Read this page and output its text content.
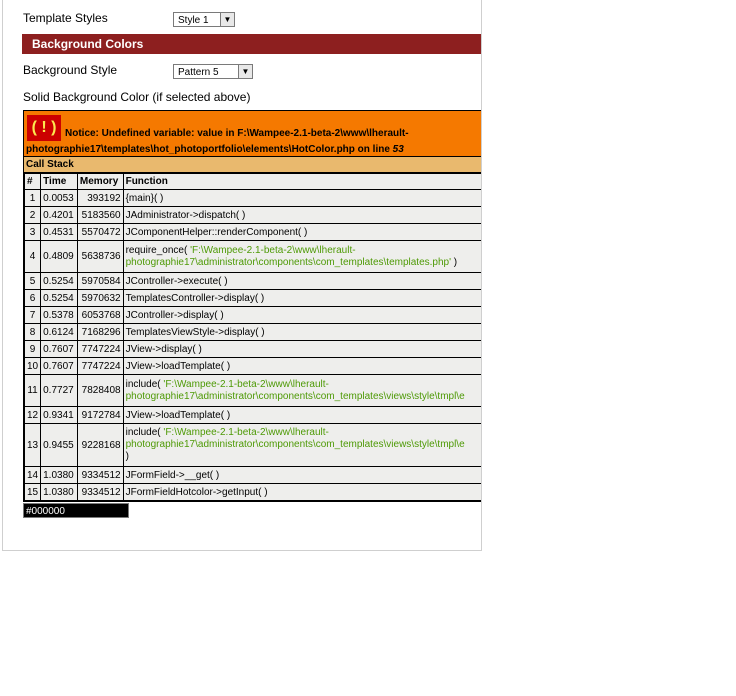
Template Styles	Style 1	▼
Background Colors
Background Style	Pattern 5	▼
Solid Background Color (if selected above)
( ! ) Notice: Undefined variable: value in F:\Wampee-2.1-beta-2\www\lherault-
photographie17\templates\hot_photoportfolio\elements\HotColor.php on line 53
Call Stack
#	Time	Memory	Function
1	0.0053	393192	{main}( )
2	0.4201	5183560	JAdministrator->dispatch( )
3	0.4531	5570472	JComponentHelper::renderComponent( )
4	0.4809	5638736	require_once( 'F:\Wampee-2.1-beta-2\www\lherault-
photographie17\administrator\components\com_templates\templates.php' )
5	0.5254	5970584	JController->execute( )
6	0.5254	5970632	TemplatesController->display( )
7	0.5378	6053768	JController->display( )
8	0.6124	7168296	TemplatesViewStyle->display( )
9	0.7607	7747224	JView->display( )
10	0.7607	7747224	JView->loadTemplate( )
11	0.7727	7828408	include( 'F:\Wampee-2.1-beta-2\www\lherault-
photographie17\administrator\components\com_templates\views\style\tmpl\e
12	0.9341	9172784	JView->loadTemplate( )
13	0.9455	9228168	include( 'F:\Wampee-2.1-beta-2\www\lherault-
photographie17\administrator\components\com_templates\views\style\tmpl\e
)
14	1.0380	9334512	JFormField->__get( )
15	1.0380	9334512	JFormFieldHotcolor->getInput( )
#000000
